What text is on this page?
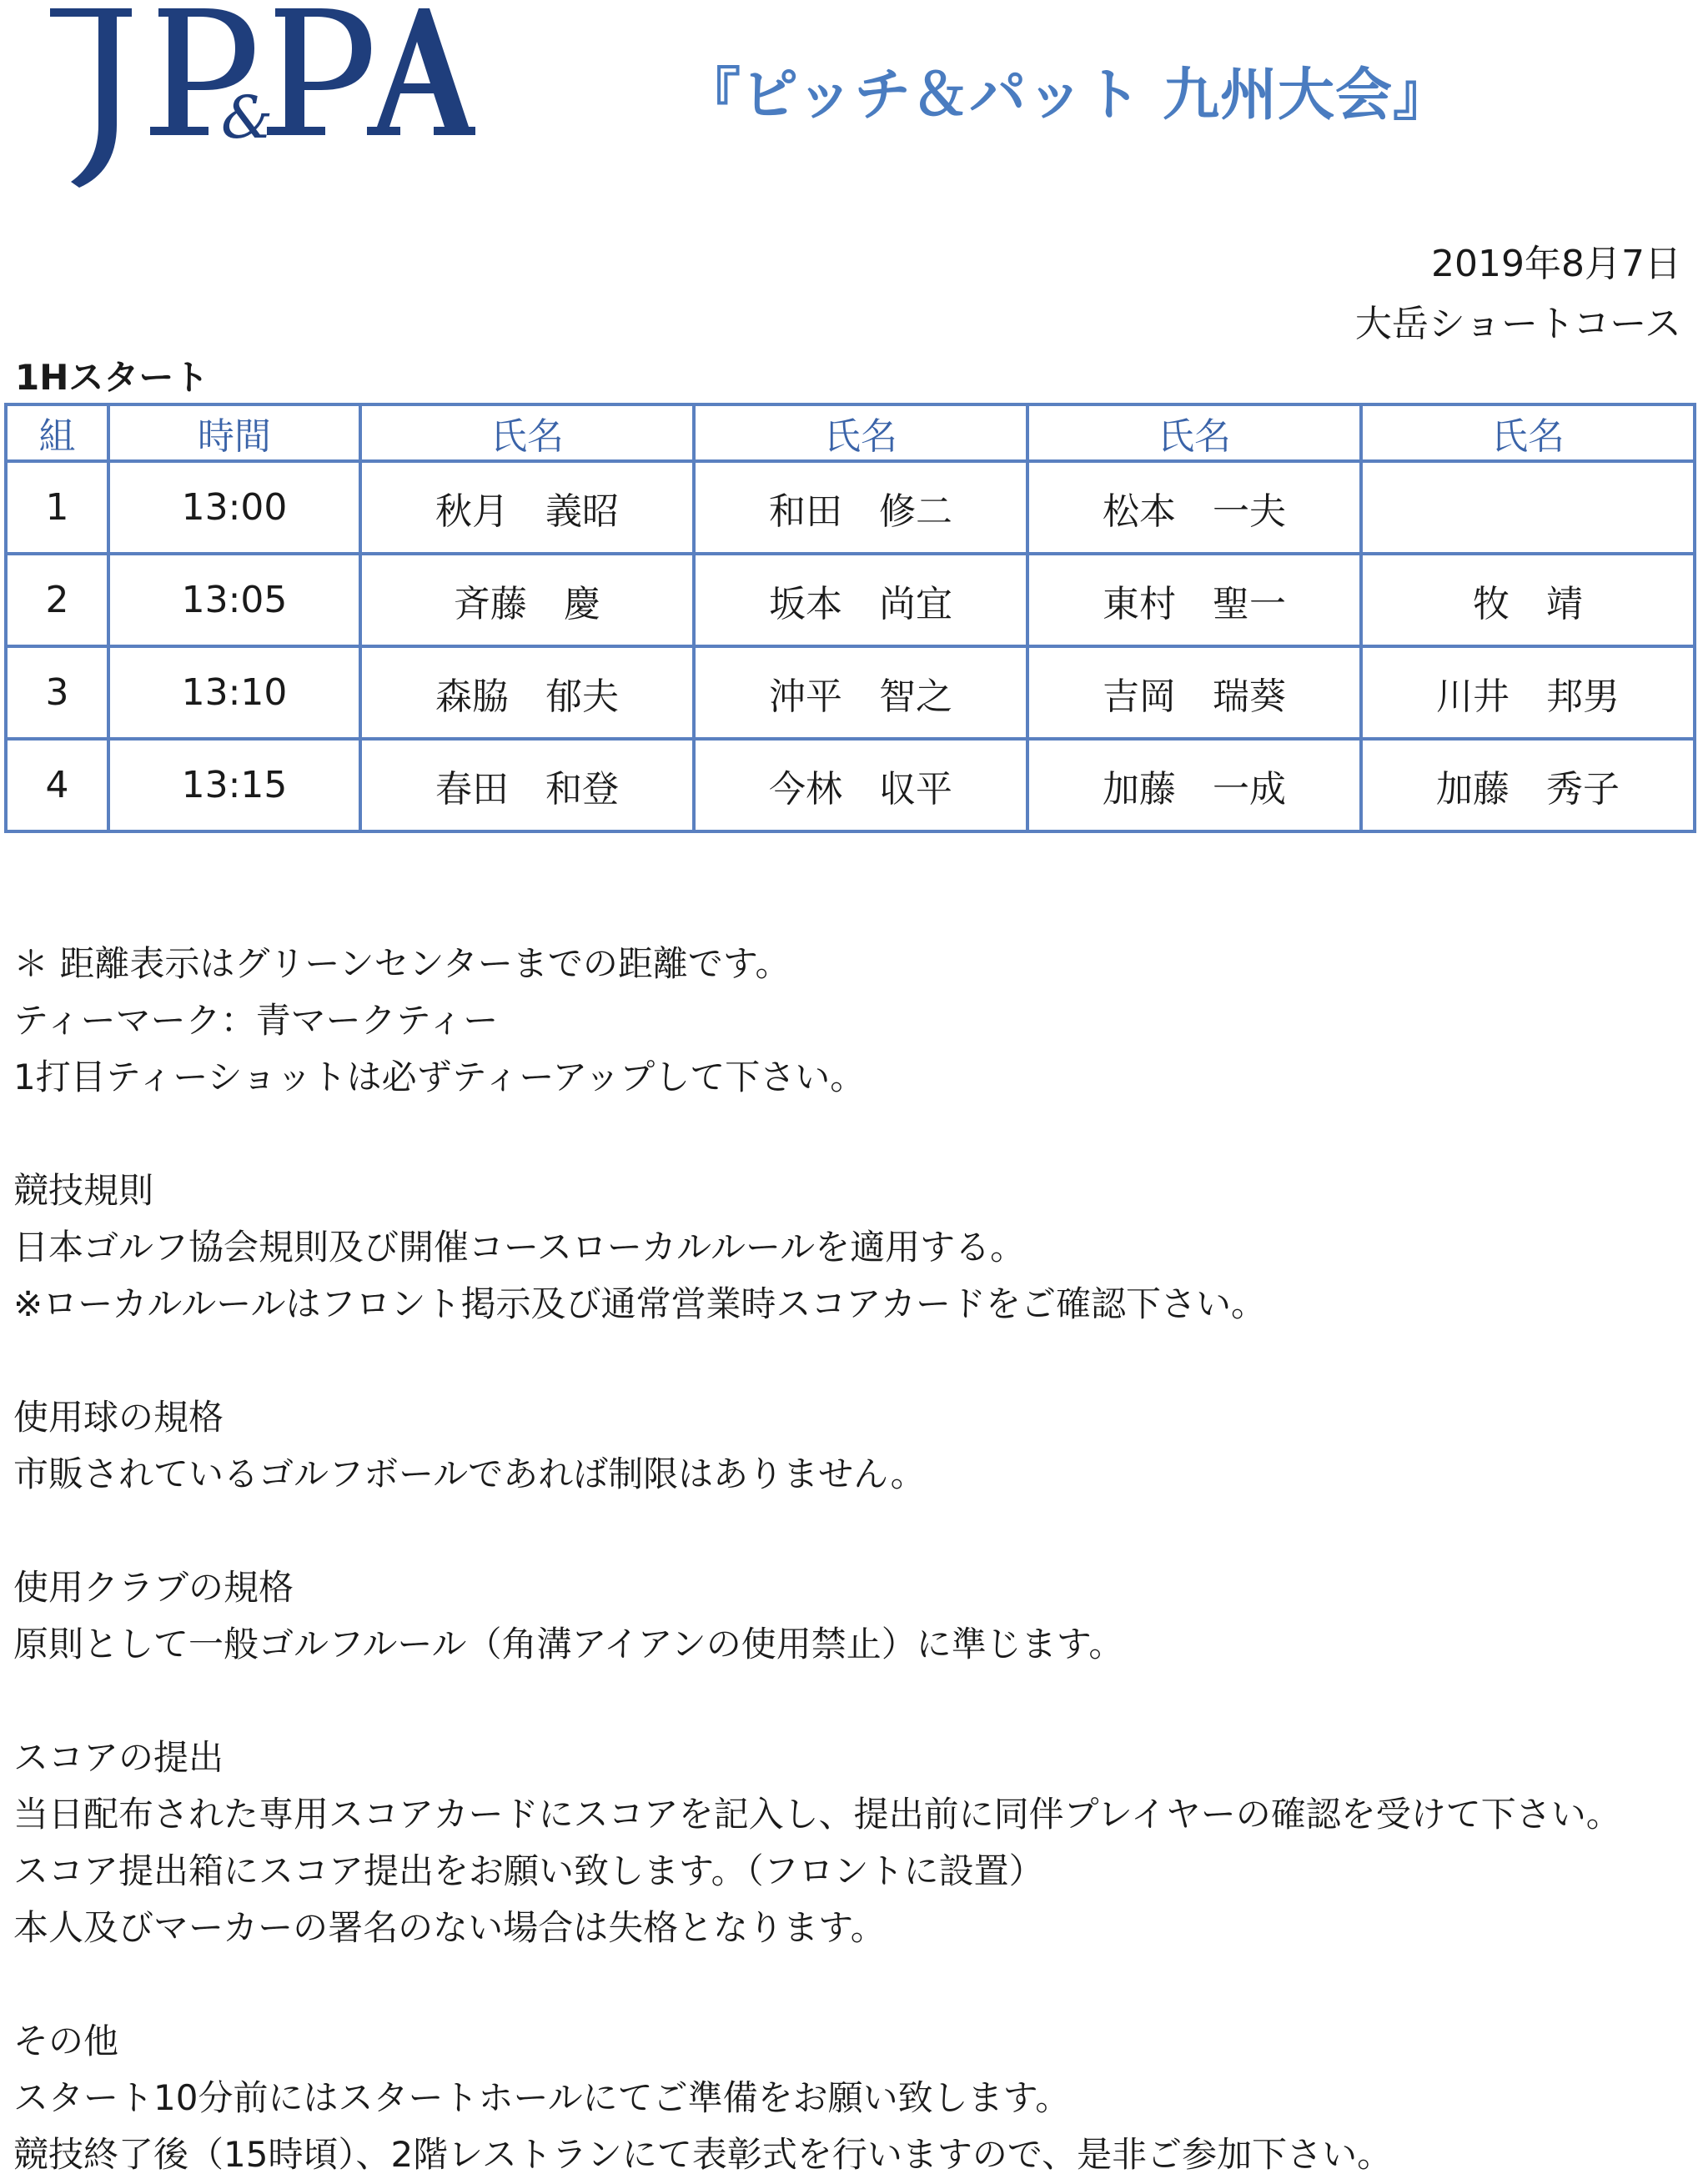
&	『ピッチ＆パット 九州大会』
2019年8月7日
大岳ショートコース
1Hスタート
組	時間	氏名	氏名	氏名	氏名
1	13:00	秋月　義昭	和田　修二	松本　一夫	
2	13:05	斉藤　慶	坂本　尚宜	東村　聖一	牧　靖
3	13:10	森脇　郁夫	沖平　智之	吉岡　瑞葵	川井　邦男
4	13:15	春田　和登	今林　収平	加藤　一成	加藤　秀子
＊ 距離表示はグリーンセンターまでの距離です。
ティーマーク：青マークティー
1打目ティーショットは必ずティーアップして下さい。
競技規則
日本ゴルフ協会規則及び開催コースローカルルールを適用する。
※ローカルルールはフロント掲示及び通常営業時スコアカードをご確認下さい。
使用球の規格
市販されているゴルフボールであれば制限はありません。
使用クラブの規格
原則として一般ゴルフルール（角溝アイアンの使用禁止）に準じます。
スコアの提出
当日配布された専用スコアカードにスコアを記入し、提出前に同伴プレイヤーの確認を受けて下さい。
スコア提出箱にスコア提出をお願い致します。（フロントに設置）
本人及びマーカーの署名のない場合は失格となります。
その他
スタート10分前にはスタートホールにてご準備をお願い致します。
競技終了後（15時頃）、2階レストランにて表彰式を行いますので、是非ご参加下さい。
